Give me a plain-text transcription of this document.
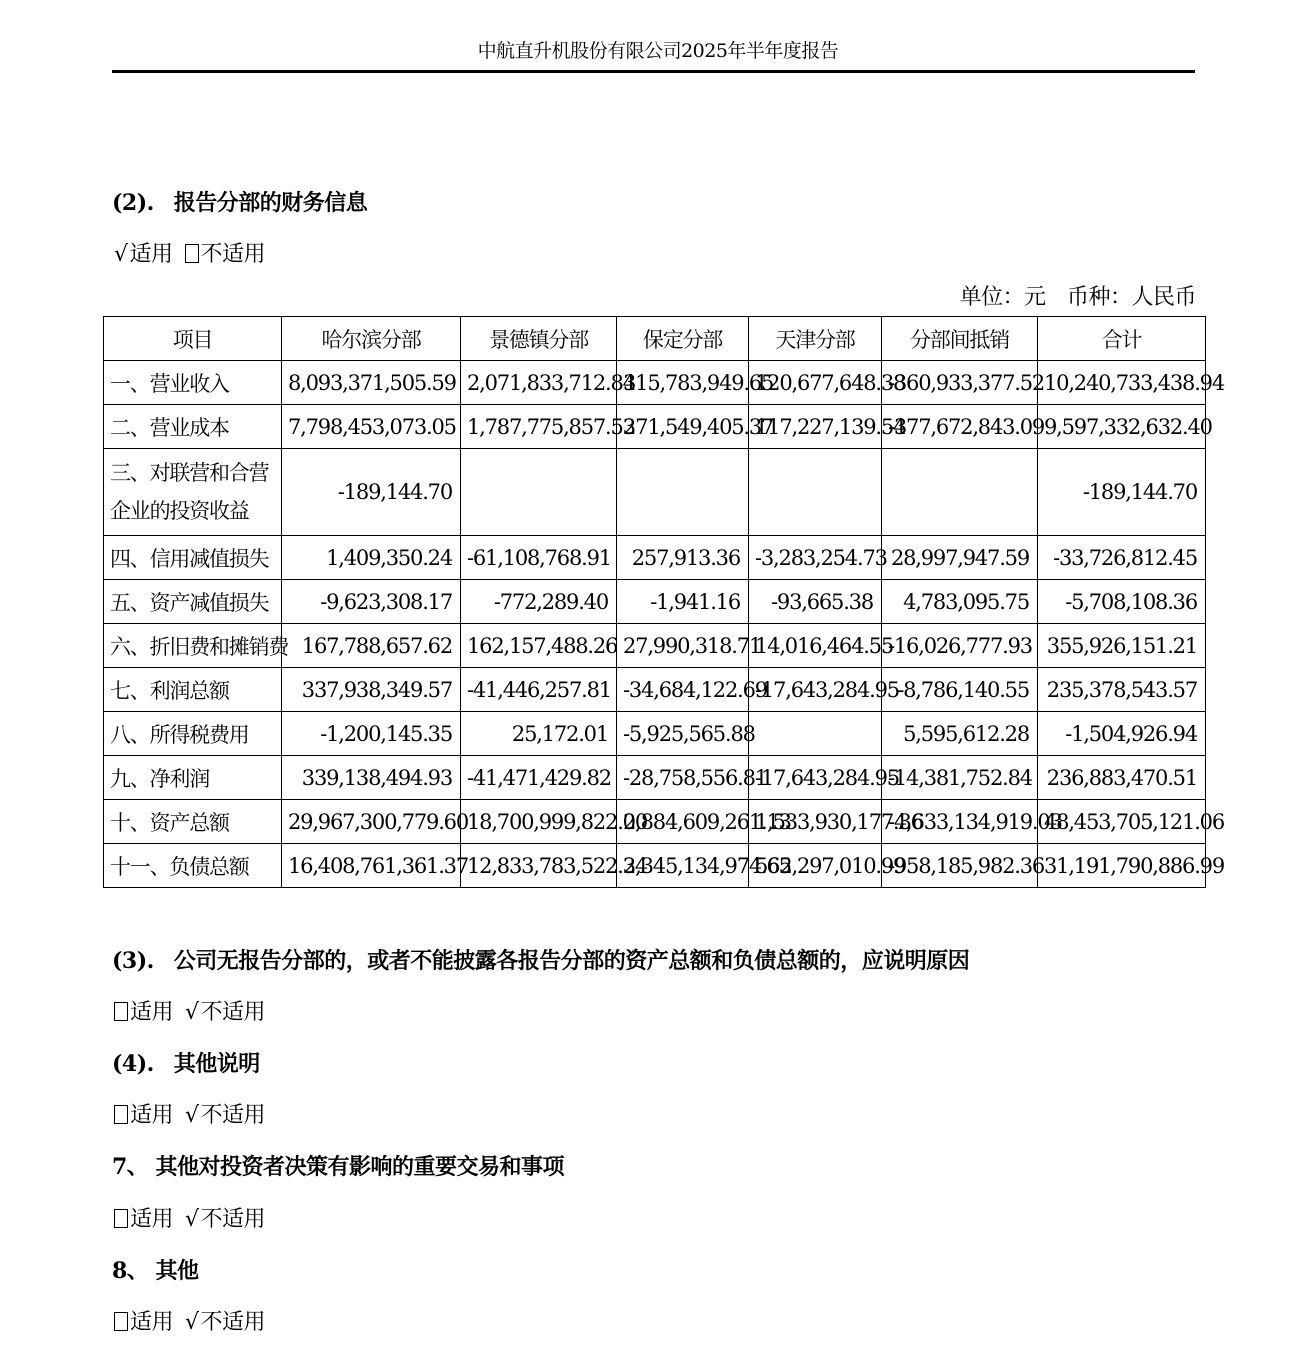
中航直升机股份有限公司2025年半年度报告
(2). 报告分部的财务信息
√适用 不适用
单位：元　币种：人民币
项目	哈尔滨分部	景德镇分部	保定分部	天津分部	分部间抵销	合计
一、营业收入	8,093,371,505.59	2,071,833,712.84	315,783,949.65	120,677,648.38	-360,933,377.52	10,240,733,438.94
二、营业成本	7,798,453,073.05	1,787,775,857.53	271,549,405.37	117,227,139.54	-377,672,843.09	9,597,332,632.40
三、对联营和合营企业的投资收益	-189,144.70					-189,144.70
四、信用减值损失	1,409,350.24	-61,108,768.91	257,913.36	-3,283,254.73	28,997,947.59	-33,726,812.45
五、资产减值损失	-9,623,308.17	-772,289.40	-1,941.16	-93,665.38	4,783,095.75	-5,708,108.36
六、折旧费和摊销费	167,788,657.62	162,157,488.26	27,990,318.71	14,016,464.55	-16,026,777.93	355,926,151.21
七、利润总额	337,938,349.57	-41,446,257.81	-34,684,122.69	-17,643,284.95	-8,786,140.55	235,378,543.57
八、所得税费用	-1,200,145.35	25,172.01	-5,925,565.88		5,595,612.28	-1,504,926.94
九、净利润	339,138,494.93	-41,471,429.82	-28,758,556.81	-17,643,284.95	-14,381,752.84	236,883,470.51
十、资产总额	29,967,300,779.60	18,700,999,822.00	2,884,609,261.13	1,533,930,177.36	-4,633,134,919.03	48,453,705,121.06
十一、负债总额	16,408,761,361.37	12,833,783,522.34	2,345,134,974.65	562,297,010.99	-958,185,982.36	31,191,790,886.99
(3). 公司无报告分部的，或者不能披露各报告分部的资产总额和负债总额的，应说明原因
适用 √不适用
(4). 其他说明
适用 √不适用
7、 其他对投资者决策有影响的重要交易和事项
适用 √不适用
8、 其他
适用 √不适用
